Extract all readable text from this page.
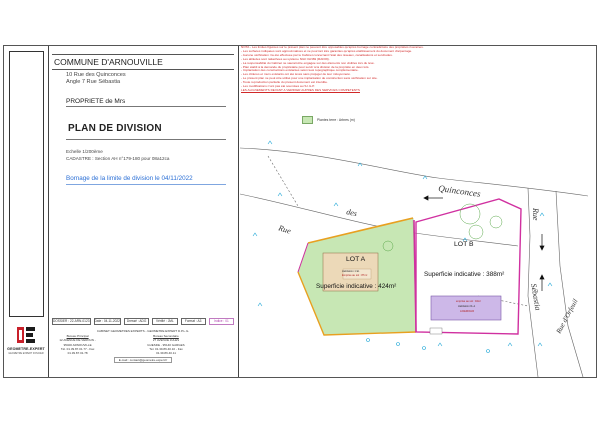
GEOMETRE-EXPERT
GEOMETRE EXPERT FONCIER
COMMUNE D'ARNOUVILLE
10 Rue des Quinconces
Angle 7 Rue Sébastia
PROPRIETE de Mrs
PLAN DE DIVISION
Echelle 1/200ème
CADASTRE : Section AH n°179-180 pour 08a12ca
Bornage de la limite de division le 04/11/2022
DOSSIER : 22-ARN-0123	Date : 04-11-2022	Dressé : ADG	Vérifié : JML	Format : A3	Indice : 01
CABINET GEOMETRES EXPERTS - GEOMETRE EXPERT D.P.L.G.
Bureau Principal
12 AVENUE DE VERDUN - 95400 ARNOUVILLE
Tél. 01.39.87.01.77 - Fax 01.39.87.01.78
Bureau Secondaire
27 AVENUE JULES GUESDE - 95140 GARGES
Tél. 01.39.86.40.10 - Fax 01.39.86.40.11
E-mail : contact@geometre-expert.fr
NOTA - Les limites figurées sur le présent plan ne peuvent être opposables qu'après bornage contradictoire des propriétés riveraines.
- Les surfaces indiquées sont approximatives et ne pourront être garanties qu'après établissement du document d'arpentage.
- Aucune vérification n'a été effectuée par le Cabinet concernant l'état des réseaux, canalisations et servitudes.
- Les altitudes sont rattachées au système NGF IGN69 (RAF09).
- La responsabilité du Cabinet ne saurait être engagée sur des éléments non visibles lors du levé.
- Plan établi à la demande du propriétaire pour servir à la division de la propriété en deux lots.
- Implantation des constructions existantes selon levé topographique complémentaire.
- Les clôtures et murs existants ont été levés sans préjuger de leur mitoyenneté.
- Le présent plan ne peut être utilisé pour une implantation de construction sans vérification sur site.
- Toute reproduction partielle du présent document est interdite.
- Les modifications n'ont pas été soumises au S.I.G.P.
LES ALIGNEMENTS DEVANT A VERIFIER AUPRES DES SERVICES COMPETENTS
Plantes terre : Arbres (m)
Quinconces
des
Rue
Rue
Sébastia
Rue d'Orfeuil
LOT A
Habitation 1 Et.
Emprise au sol : 87m²
Superficie indicative : 424m²
LOT B
Superficie indicative : 388m²
emprise au sol : 94m²
Habitation R+1
A DEMOLIR
